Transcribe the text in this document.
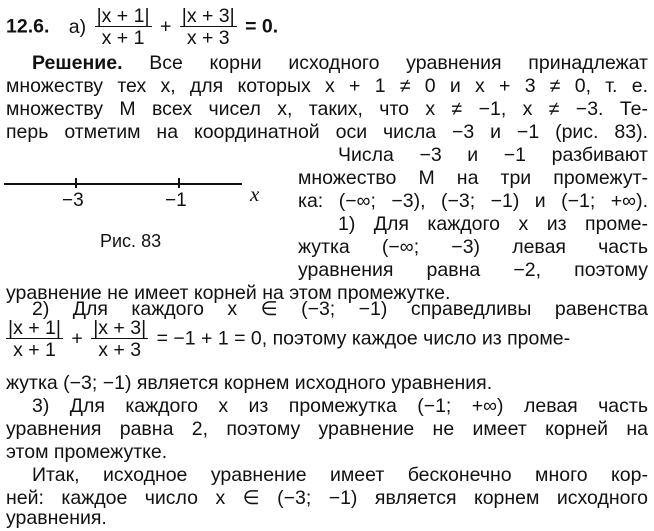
12.6. $а) \frac{|x + 1|}{x + 1} + \frac{|x + 3|}{x + 3} = 0$.
Решение. Все корни исходного уравнения принадлежат
множеству тех x, для которых x + 1 ≠ 0 и x + 3 ≠ 0, т. е.
множеству M всех чисел x, таких, что x ≠ −1, x ≠ −3. Те-
перь отметим на координатной оси числа −3 и −1 (рис. 83).
−3	−1	x
Рис. 83
Числа −3 и −1 разбивают
множество M на три промежут-
ка: (−∞; −3), (−3; −1) и (−1; +∞).
1) Для каждого x из проме-
жутка (−∞; −3) левая часть
уравнения равна −2, поэтому
уравнение не имеет корней на этом промежутке.
2) Для каждого x ∈ (−3; −1) справедливы равенства
$\frac{|x + 1|}{x + 1} + \frac{|x + 3|}{x + 3} = -1 + 1 = 0$, поэтому каждое число из проме-
жутка (−3; −1) является корнем исходного уравнения.
3) Для каждого x из промежутка (−1; +∞) левая часть
уравнения равна 2, поэтому уравнение не имеет корней на
этом промежутке.
Итак, исходное уравнение имеет бесконечно много кор-
ней: каждое число x ∈ (−3; −1) является корнем исходного
уравнения.
